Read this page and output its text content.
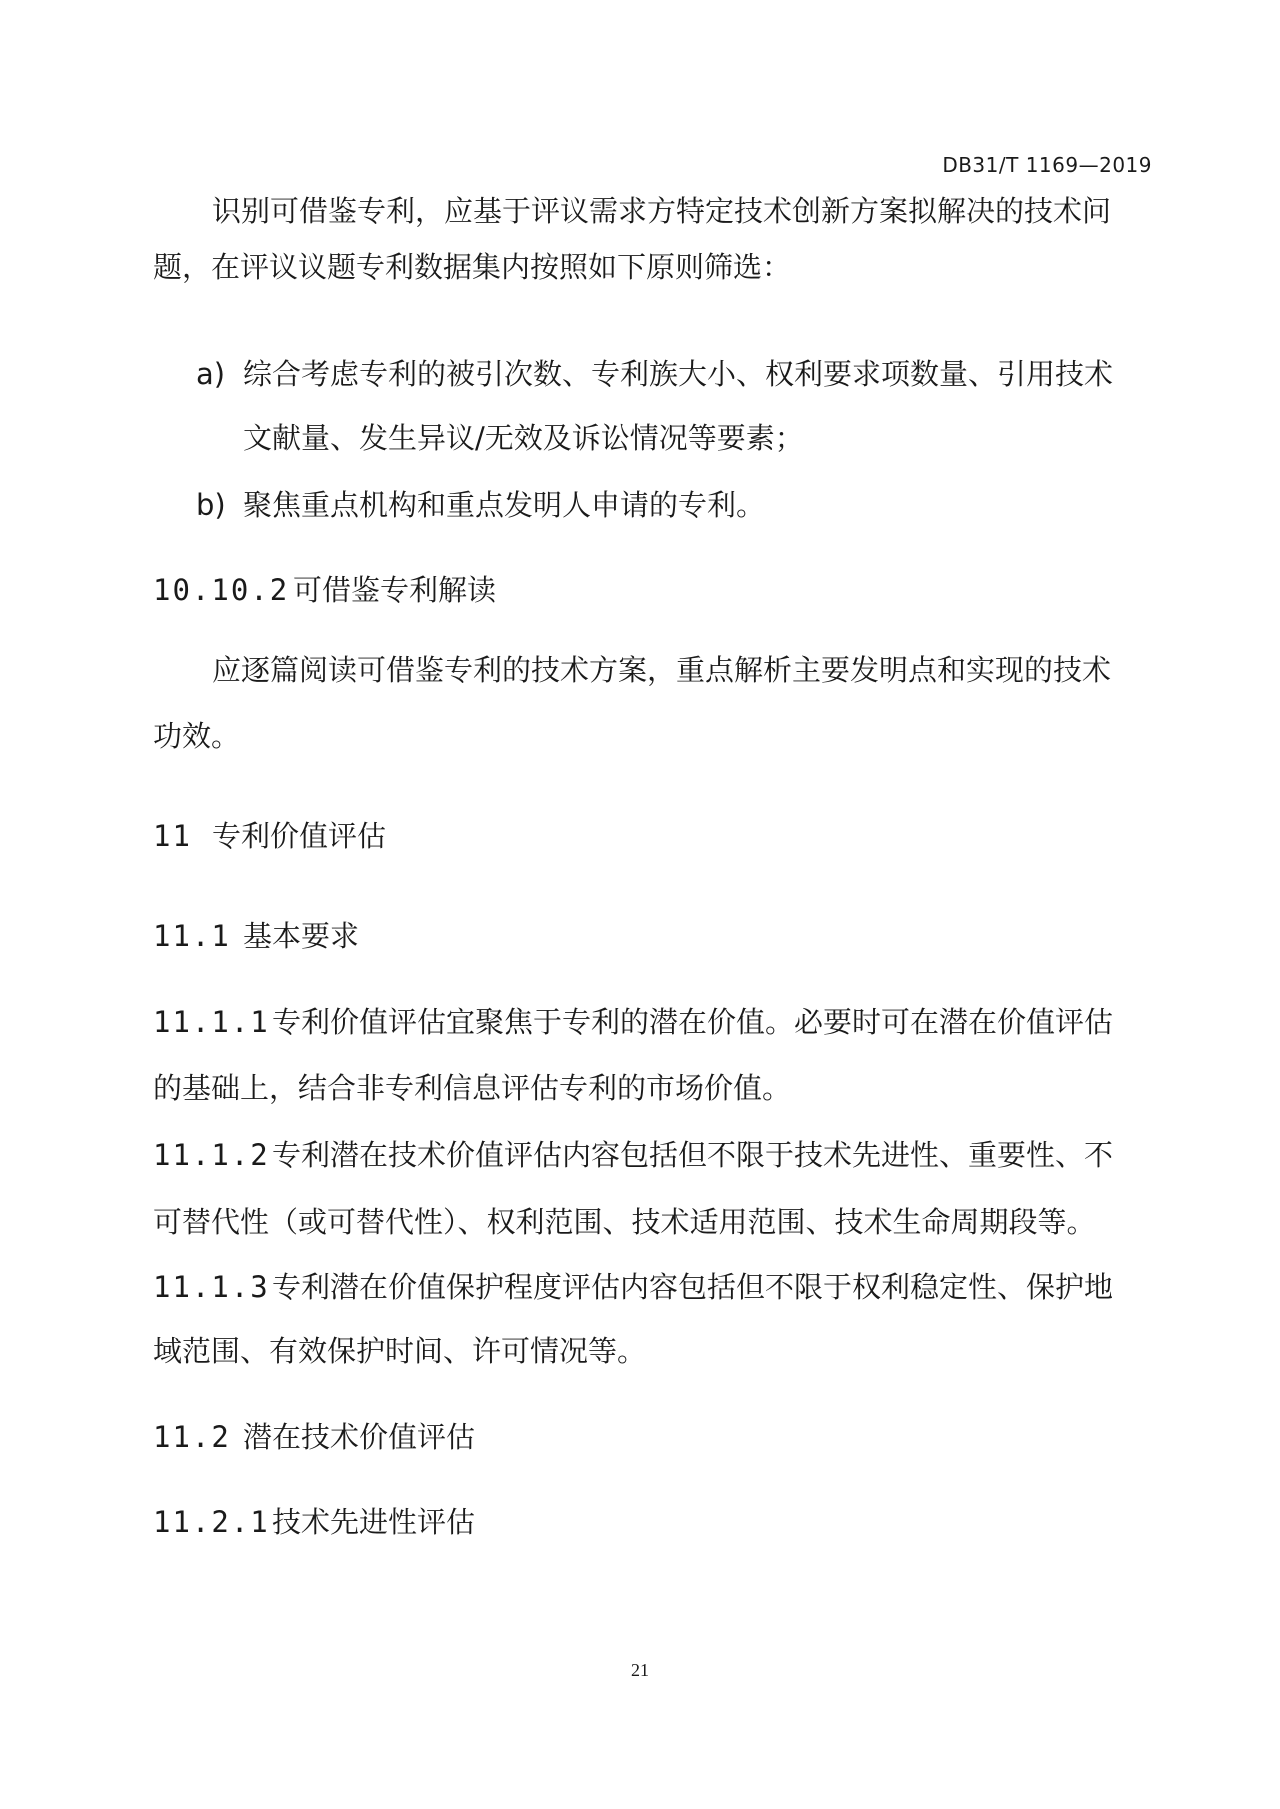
DB31/T 1169—2019
识别可借鉴专利，应基于评议需求方特定技术创新方案拟解决的技术问
题，在评议议题专利数据集内按照如下原则筛选：
a) 综合考虑专利的被引次数、专利族大小、权利要求项数量、引用技术
文献量、发生异议/无效及诉讼情况等要素；
b) 聚焦重点机构和重点发明人申请的专利。
10.10.2 可借鉴专利解读
应逐篇阅读可借鉴专利的技术方案，重点解析主要发明点和实现的技术
功效。
11 专利价值评估
11.1 基本要求
11.1.1 专利价值评估宜聚焦于专利的潜在价值。必要时可在潜在价值评估
的基础上，结合非专利信息评估专利的市场价值。
11.1.2 专利潜在技术价值评估内容包括但不限于技术先进性、重要性、不
可替代性（或可替代性）、权利范围、技术适用范围、技术生命周期段等。
11.1.3 专利潜在价值保护程度评估内容包括但不限于权利稳定性、保护地
域范围、有效保护时间、许可情况等。
11.2 潜在技术价值评估
11.2.1 技术先进性评估
21
